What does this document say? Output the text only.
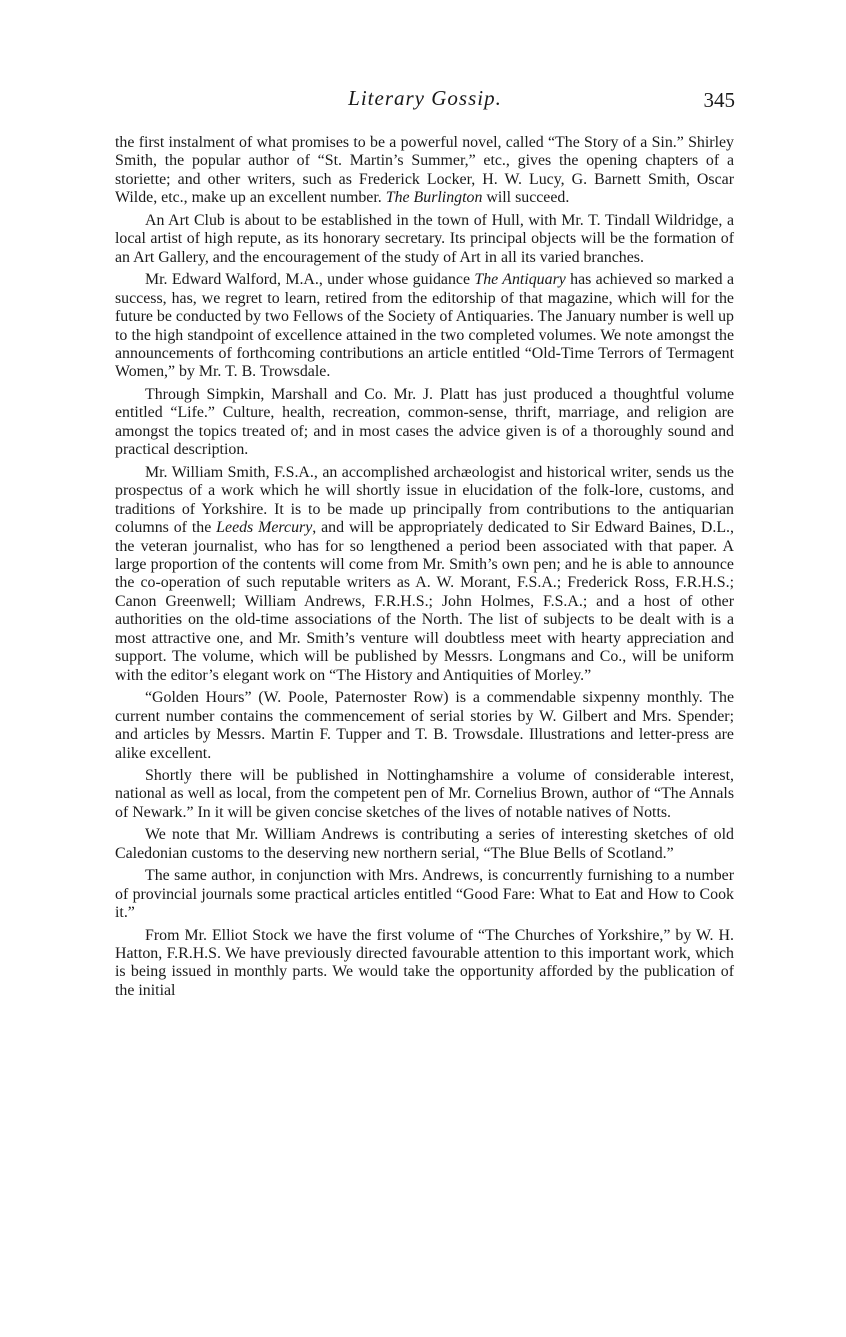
Literary Gossip.	345

the first instalment of what promises to be a powerful novel, called “The Story of a Sin.” Shirley Smith, the popular author of “St. Martin’s Summer,” etc., gives the opening chapters of a storiette; and other writers, such as Frederick Locker, H. W. Lucy, G. Barnett Smith, Oscar Wilde, etc., make up an excellent number. The Burlington will succeed.

An Art Club is about to be established in the town of Hull, with Mr. T. Tindall Wildridge, a local artist of high repute, as its honorary secretary. Its principal objects will be the formation of an Art Gallery, and the encouragement of the study of Art in all its varied branches.

Mr. Edward Walford, M.A., under whose guidance The Antiquary has achieved so marked a success, has, we regret to learn, retired from the editorship of that magazine, which will for the future be conducted by two Fellows of the Society of Antiquaries. The January number is well up to the high standpoint of excellence attained in the two completed volumes. We note amongst the announcements of forthcoming contributions an article entitled “Old-Time Terrors of Termagent Women,” by Mr. T. B. Trowsdale.

Through Simpkin, Marshall and Co. Mr. J. Platt has just produced a thoughtful volume entitled “Life.” Culture, health, recreation, common-sense, thrift, marriage, and religion are amongst the topics treated of; and in most cases the advice given is of a thoroughly sound and practical description.

Mr. William Smith, F.S.A., an accomplished archæologist and historical writer, sends us the prospectus of a work which he will shortly issue in elucidation of the folk-lore, customs, and traditions of Yorkshire. It is to be made up principally from contributions to the antiquarian columns of the Leeds Mercury, and will be appropriately dedicated to Sir Edward Baines, D.L., the veteran journalist, who has for so lengthened a period been associated with that paper. A large proportion of the contents will come from Mr. Smith’s own pen; and he is able to announce the co-operation of such reputable writers as A. W. Morant, F.S.A.; Frederick Ross, F.R.H.S.; Canon Greenwell; William Andrews, F.R.H.S.; John Holmes, F.S.A.; and a host of other authorities on the old-time associations of the North. The list of subjects to be dealt with is a most attractive one, and Mr. Smith’s venture will doubtless meet with hearty appreciation and support. The volume, which will be published by Messrs. Longmans and Co., will be uniform with the editor’s elegant work on “The History and Antiquities of Morley.”

“Golden Hours” (W. Poole, Paternoster Row) is a commendable sixpenny monthly. The current number contains the commencement of serial stories by W. Gilbert and Mrs. Spender; and articles by Messrs. Martin F. Tupper and T. B. Trowsdale. Illustrations and letter-press are alike excellent.

Shortly there will be published in Nottinghamshire a volume of considerable interest, national as well as local, from the competent pen of Mr. Cornelius Brown, author of “The Annals of Newark.” In it will be given concise sketches of the lives of notable natives of Notts.

We note that Mr. William Andrews is contributing a series of interesting sketches of old Caledonian customs to the deserving new northern serial, “The Blue Bells of Scotland.”

The same author, in conjunction with Mrs. Andrews, is concurrently furnishing to a number of provincial journals some practical articles entitled “Good Fare: What to Eat and How to Cook it.”

From Mr. Elliot Stock we have the first volume of “The Churches of Yorkshire,” by W. H. Hatton, F.R.H.S. We have previously directed favourable attention to this important work, which is being issued in monthly parts. We would take the opportunity afforded by the publication of the initial
